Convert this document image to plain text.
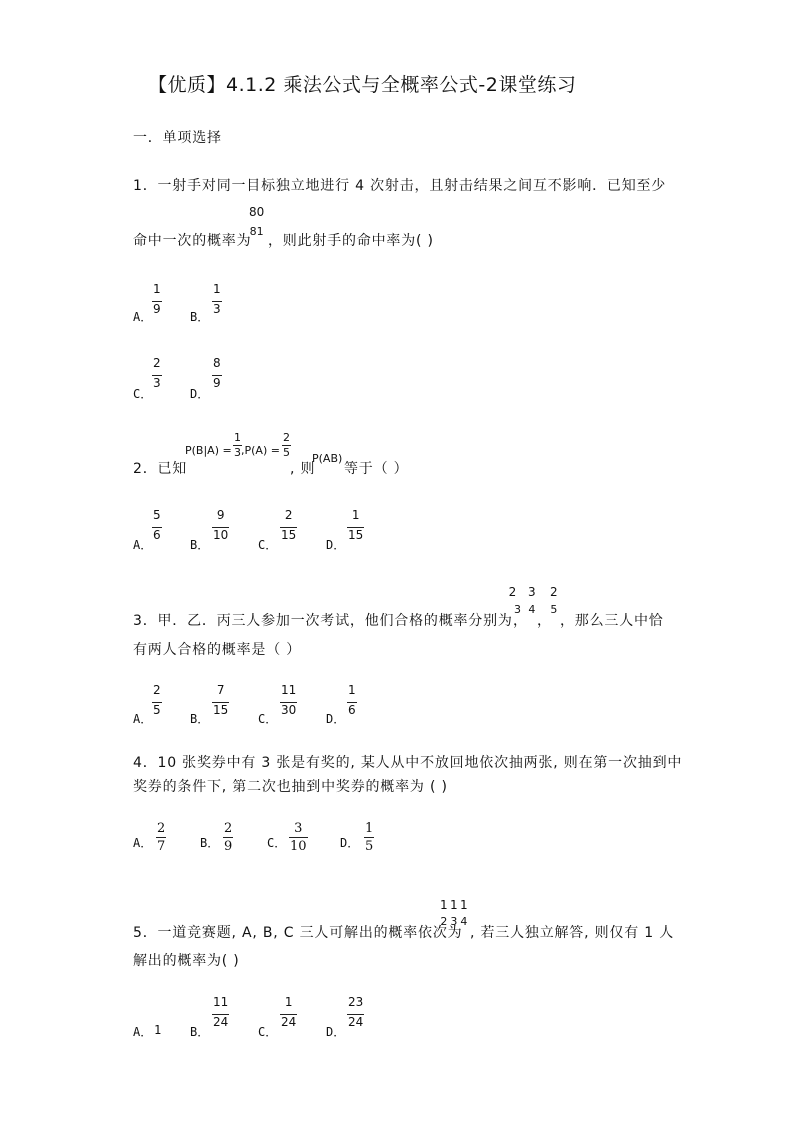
【优质】4.1.2 乘法公式与全概率公式-2课堂练习
一．单项选择
1．一射手对同一目标独立地进行 4 次射击，且射击结果之间互不影响．已知至少
命中一次的概率为
80
81
，则此射手的命中率为( )
A．
$\frac{1}{9}$
B．
$\frac{1}{3}$
C．
$\frac{2}{3}$
D．
$\frac{8}{9}$
2．已知
$P(B|A) = \frac{1}{3} ,P(A) = \frac{2}{5}$
, 则
P(AB)
等于（ ）
A．
$\frac{5}{6}$
B．
$\frac{9}{10}$
C．
$\frac{2}{15}$
D．
$\frac{1}{15}$
3．甲．乙．丙三人参加一次考试，他们合格的概率分别为
2
3
，
3
4
，
2
5
，那么三人中恰
有两人合格的概率是（ ）
A．
$\frac{2}{5}$
B．
$\frac{7}{15}$
C．
$\frac{11}{30}$
D．
$\frac{1}{6}$
4．10 张奖券中有 3 张是有奖的, 某人从中不放回地依次抽两张, 则在第一次抽到中
奖券的条件下, 第二次也抽到中奖券的概率为 ( )
A． $\frac{2}{7}$	B． $\frac{2}{9}$	C． $\frac{3}{10}$	D． $\frac{1}{5}$
5．一道竞赛题, A, B, C 三人可解出的概率依次为
1
2
1
3
1
4
, 若三人独立解答, 则仅有 1 人
解出的概率为( )
A． 1 B．
$\frac{11}{24}$
C．
$\frac{1}{24}$
D．
$\frac{23}{24}$
